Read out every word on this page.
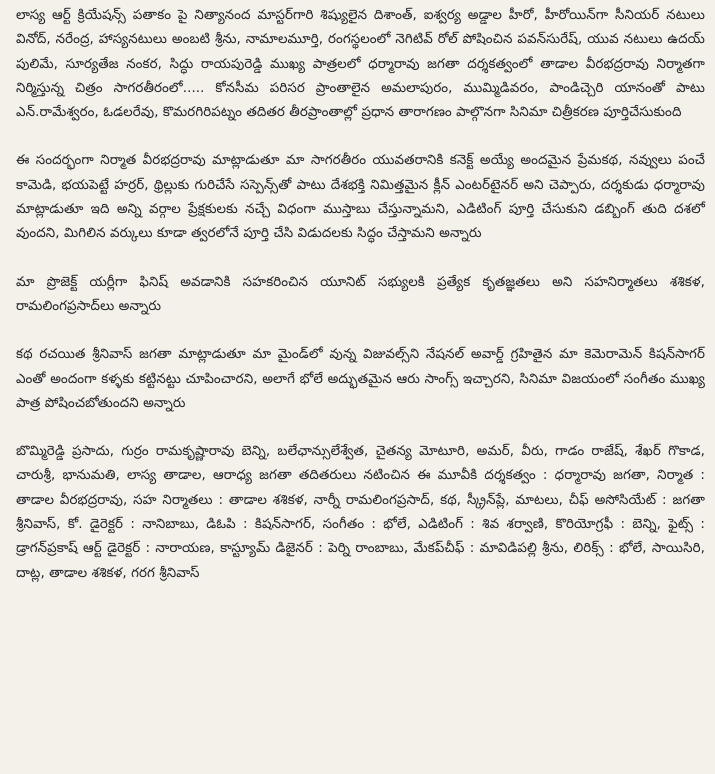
లాస్య ఆర్ట్ క్రియేషన్స్ పతాకం పై నిత్యానంద మాస్టర్‌గారి శిష్యులైన దిశాంత్, ఐశ్వర్య అడ్డాల హీరో, హీరోయిన్‌గా సీనియర్ నటులు వినోద్, నరేంద్ర, హాస్యనటులు అంబటి శ్రీను, నామాలమూర్తి, రంగస్థలంలో నెగిటివ్ రోల్ పోషించిన పవన్‌సురేష్, యువ నటులు ఉదయ్ పులిమే, సూర్యతేజ నంకర, సిద్ధు రాయపురెడ్డి ముఖ్య పాత్రలలో ధర్మారావు జగతా దర్శకత్వంలో తాడాల వీరభద్రరావు నిర్మాతగా నిర్మిస్తున్న చిత్రం సాగరతీరంలో..... కోనసీమ పరిసర ప్రాంతాలైన అమలాపురం, ముమ్మిడివరం, పాండిచ్చెరి యానంతో పాటు ఎన్.రామేశ్వరం, ఓడలరేవు, కొమరగిరిపట్నం తదితర తీరప్రాంతాల్లో ప్రధాన తారాగణం పాల్గొనగా సినిమా చిత్రీకరణ పూర్తిచేసుకుంది

ఈ సందర్భంగా నిర్మాత వీరభద్రరావు మాట్లాడుతూ మా సాగరతీరం యువతరానికి కనెక్ట్ అయ్యే అందమైన ప్రేమకథ, నవ్వులు పంచే కామెడి, భయపెట్టే హర్రర్, థ్రిల్లుకు గురిచేసే సస్పెన్స్‌తో పాటు దేశభక్తి నిమిత్తమైన క్లీన్ ఎంటర్‌టైనర్ అని చెప్పారు, దర్శకుడు ధర్మారావు మాట్లాడుతూ ఇది అన్ని వర్గాల ప్రేక్షకులకు నచ్చే విధంగా ముస్తాబు చేస్తున్నామని, ఎడిటింగ్ పూర్తి చేసుకుని డబ్బింగ్ తుది దశలో వుందని, మిగిలిన వర్కులు కూడా త్వరలోనే పూర్తి చేసి విడుదలకు సిద్ధం చేస్తామని అన్నారు

మా ప్రొజెక్ట్ యర్లీగా ఫినిష్ అవడానికి సహకరించిన యూనిట్ సభ్యులకి ప్రత్యేక కృతజ్ఞతలు అని సహనిర్మాతలు శశికళ, రామలింగప్రసాద్‌లు అన్నారు

కథ రచయిత శ్రీనివాస్ జగతా మాట్లాడుతూ మా మైండ్‌లో వున్న విజువల్స్‌ని నేషనల్ అవార్డ్ గ్రహితైన మా కెమెరామెన్ కిషన్‌సాగర్ ఎంతో అందంగా కళ్ళకు కట్టినట్టు చూపించారని, అలాగే భోలే అద్భుతమైన ఆరు సాంగ్స్ ఇచ్చారని, సినిమా విజయంలో సంగీతం ముఖ్య పాత్ర పోషించబోతుందని అన్నారు

బొమ్మిరెడ్డి ప్రసాదు, గుర్రం రామకృష్ణారావు బెన్ని, బలేఛాన్సులేశ్వేత, చైతన్య మోటూరి, అమర్, వీరు, గాడం రాజేష్, శేఖర్ గొకాడ, చారుశ్రీ, భానుమతి, లాస్య తాడాల, ఆరాధ్య జగతా తదితరులు నటించిన ఈ మూవీకి దర్శకత్వం : ధర్మారావు జగతా, నిర్మాత : తాడాల వీరభద్రరావు, సహ నిర్మాతలు : తాడాల శశికళ, నార్నీ రామలింగప్రసాద్, కథ, స్క్రీన్‌ప్లే, మాటలు, చీఫ్ అసోసియేట్ : జగతా శ్రీనివాస్, కో. డైరెక్టర్ : నానిబాబు, డిఓపి : కిషన్‌సాగర్, సంగీతం : భోలే, ఎడిటింగ్ : శివ శర్వాణి, కొరియోగ్రఫీ : బెన్ని, ఫైట్స్ : డ్రాగన్‌ప్రకాష్ ఆర్ట్ డైరెక్టర్ : నారాయణ, కాస్ట్యూమ్ డిజైనర్ : పెర్ని రాంబాబు, మేకప్‌చీఫ్ : మావిడిపల్లి శ్రీను, లిరిక్స్ : భోలే, సాయిసిరి, దాట్ల, తాడాల శశికళ, గరగ శ్రీనివాస్
